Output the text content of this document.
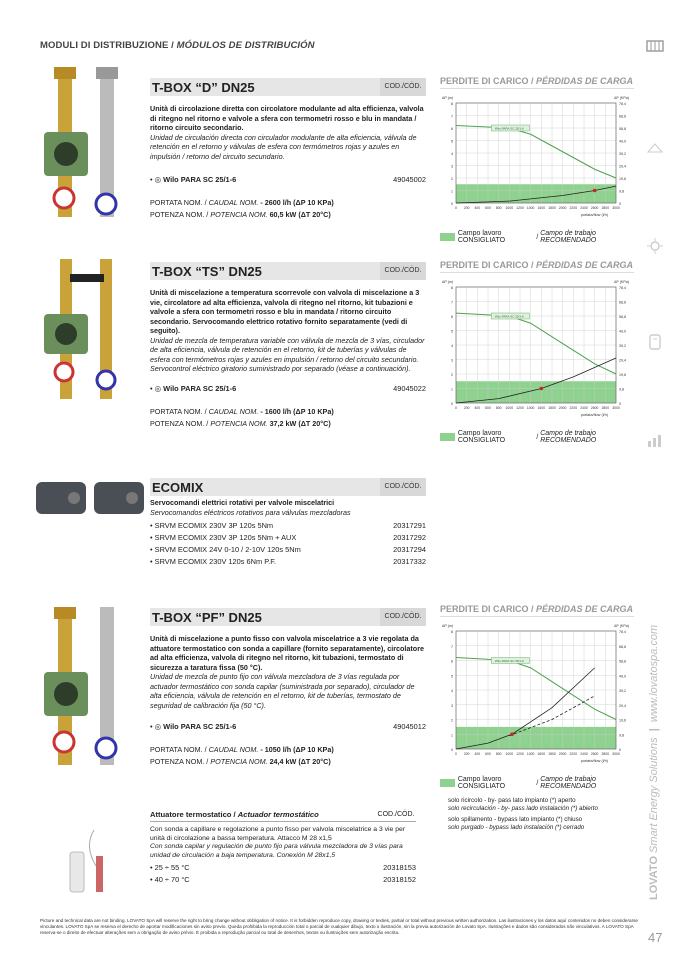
MODULI DI DISTRIBUZIONE / MÓDULOS DE DISTRIBUCIÓN
LOVATO Smart Energy Solutions  |  www.lovatospa.com
47
T-BOX “D” DN25	COD./CÓD.
Unità di circolazione diretta con circolatore modulante ad alta efficienza, valvola di ritegno nel ritorno e valvole a sfera con termometri rosso e blu in mandata / ritorno circuito secondario.
Unidad de circulación directa con circulador modulante de alta eficiencia, válvula de retención en el retorno y válvulas de esfera con termómetros rojas y azules en impulsión / retorno del circuito secundario.
• ◎ Wilo PARA SC 25/1-6	49045002
PORTATA NOM. / CAUDAL NOM. - 2600 l/h (ΔP 10 KPa)
POTENZA NOM. / POTENCIA NOM. 60,5 kW (ΔT 20°C)
PERDITE DI CARICO / PÉRDIDAS DE CARGA
0	0
1	9,8
2	19,6
3	29,4
4	39,2
5	49,0
6	58,8
7	68,6
8	78,4
0 200 400 600 800 1000 1200 1400 1600 1800 2000 2200 2400 2600 2800 3000
portata/flow (l/h)
ΔP (m)	ΔP (KPa)
Wilo PARA SC 25/1-6
Campo lavoro CONSIGLIATO	/ Campo de trabajo RECOMENDADO
T-BOX “TS” DN25	COD./CÓD.
Unità di miscelazione a temperatura scorrevole con valvola di miscelazione a 3 vie, circolatore ad alta efficienza, valvola di ritegno nel ritorno, kit tubazioni e valvole a sfera con termometri rosso e blu in mandata / ritorno circuito secondario. Servocomando elettrico rotativo fornito separatamente (vedi di seguito).
Unidad de mezcla de temperatura variable con válvula de mezcla de 3 vías, circulador de alta eficiencia, válvula de retención en el retorno, kit de tuberías y válvulas de esfera con termómetros rojas y azules en impulsión / retorno del circuito secundario. Servocontrol eléctrico giratorio suministrado por separado (véase a continuación).
• ◎ Wilo PARA SC 25/1-6	49045022
PORTATA NOM. / CAUDAL NOM. - 1600 l/h (ΔP 10 KPa)
POTENZA NOM. / POTENCIA NOM. 37,2 kW (ΔT 20°C)
PERDITE DI CARICO / PÉRDIDAS DE CARGA
0	0
1	9,8
2	19,6
3	29,4
4	39,2
5	49,0
6	58,8
7	68,6
8	78,4
0 200 400 600 800 1000 1200 1400 1600 1800 2000 2200 2400 2600 2800 3000
portata/flow (l/h)
ΔP (m)	ΔP (KPa)
Wilo PARA SC 25/1-6
Campo lavoro CONSIGLIATO	/ Campo de trabajo RECOMENDADO
ECOMIX	COD./CÓD.
Servocomandi elettrici rotativi per valvole miscelatrici
Servocomandos eléctricos rotativos para válvulas mezcladoras
• SRVM ECOMIX 230V 3P 120s 5Nm	20317291
• SRVM ECOMIX 230V 3P 120s 5Nm + AUX	20317292
• SRVM ECOMIX 24V 0-10 / 2-10V 120s 5Nm	20317294
• SRVM ECOMIX 230V 120s 6Nm P.F.	20317332
T-BOX “PF” DN25	COD./CÓD.
Unità di miscelazione a punto fisso con valvola miscelatrice a 3 vie regolata da attuatore termostatico con sonda a capillare (fornito separatamente), circolatore ad alta efficienza, valvola di ritegno nel ritorno, kit tubazioni, termostato di sicurezza a taratura fissa (50 °C).
Unidad de mezcla de punto fijo con válvula mezcladora de 3 vías regulada por actuador termostático con sonda capilar (suministrada por separado), circulador de alta eficiencia, válvula de retención en el retorno, kit de tuberías, termostato de seguridad de calibración fija (50 °C).
• ◎ Wilo PARA SC 25/1-6	49045012
PORTATA NOM. / CAUDAL NOM. - 1050 l/h (ΔP 10 KPa)
POTENZA NOM. / POTENCIA NOM. 24,4 kW (ΔT 20°C)
PERDITE DI CARICO / PÉRDIDAS DE CARGA
0	0
1	9,8
2	19,6
3	29,4
4	39,2
5	49,0
6	58,8
7	68,6
8	78,4
0 200 400 600 800 1000 1200 1400 1600 1800 2000 2200 2400 2600 2800 3000
portata/flow (l/h)
ΔP (m)	ΔP (KPa)
Wilo PARA SC 25/1-6
Campo lavoro CONSIGLIATO	/ Campo de trabajo RECOMENDADO
solo ricircolo - by- pass lato impianto (*) aperto
solo recirculación - by- pass lado instalación (*) abierto
solo spillamento - bypass lato impianto (*) chiuso
solo purgado - bypass lado instalación (*) cerrado
Attuatore termostatico / Actuador termostático	COD./CÓD.
Con sonda a capillare e regolazione a punto fisso per valvola miscelatrice a 3 vie per unità di circolazione a bassa temperatura. Attacco M 28 x1,5
Con sonda capilar y regulación de punto fijo para válvula mezcladora de 3 vías para unidad de circulación a baja temperatura. Conexión M 28x1,5
• 25 ÷ 55 °C	20318153
• 40 ÷ 70 °C	20318152
Picture and technical data are not binding. LOVATO SpA will reserve the right to bring change without obbligation of notice. It is forbidden reproduce copy, drawing or texties, partial or total without previous written authorization. Las ilustraciones y los datos aquí contenidos no deben considerarse vinculantes. LOVATO SpA se reserva el derecho de aportar modificaciones sin aviso previo. Queda prohibida la reproducción total o parcial de cualquier dibujo, texto o ilustración, sin la previa autorización de Lovato SpA. Ilustrações e dados são considerados não vinculativos. A LOVATO SpA reserva-se o direito de efectuar alterações sem a obrigação de aviso prévio. É proibida a reprodução parcial ou total de desenhos, textos ou ilustrações sem autorização escrita.
